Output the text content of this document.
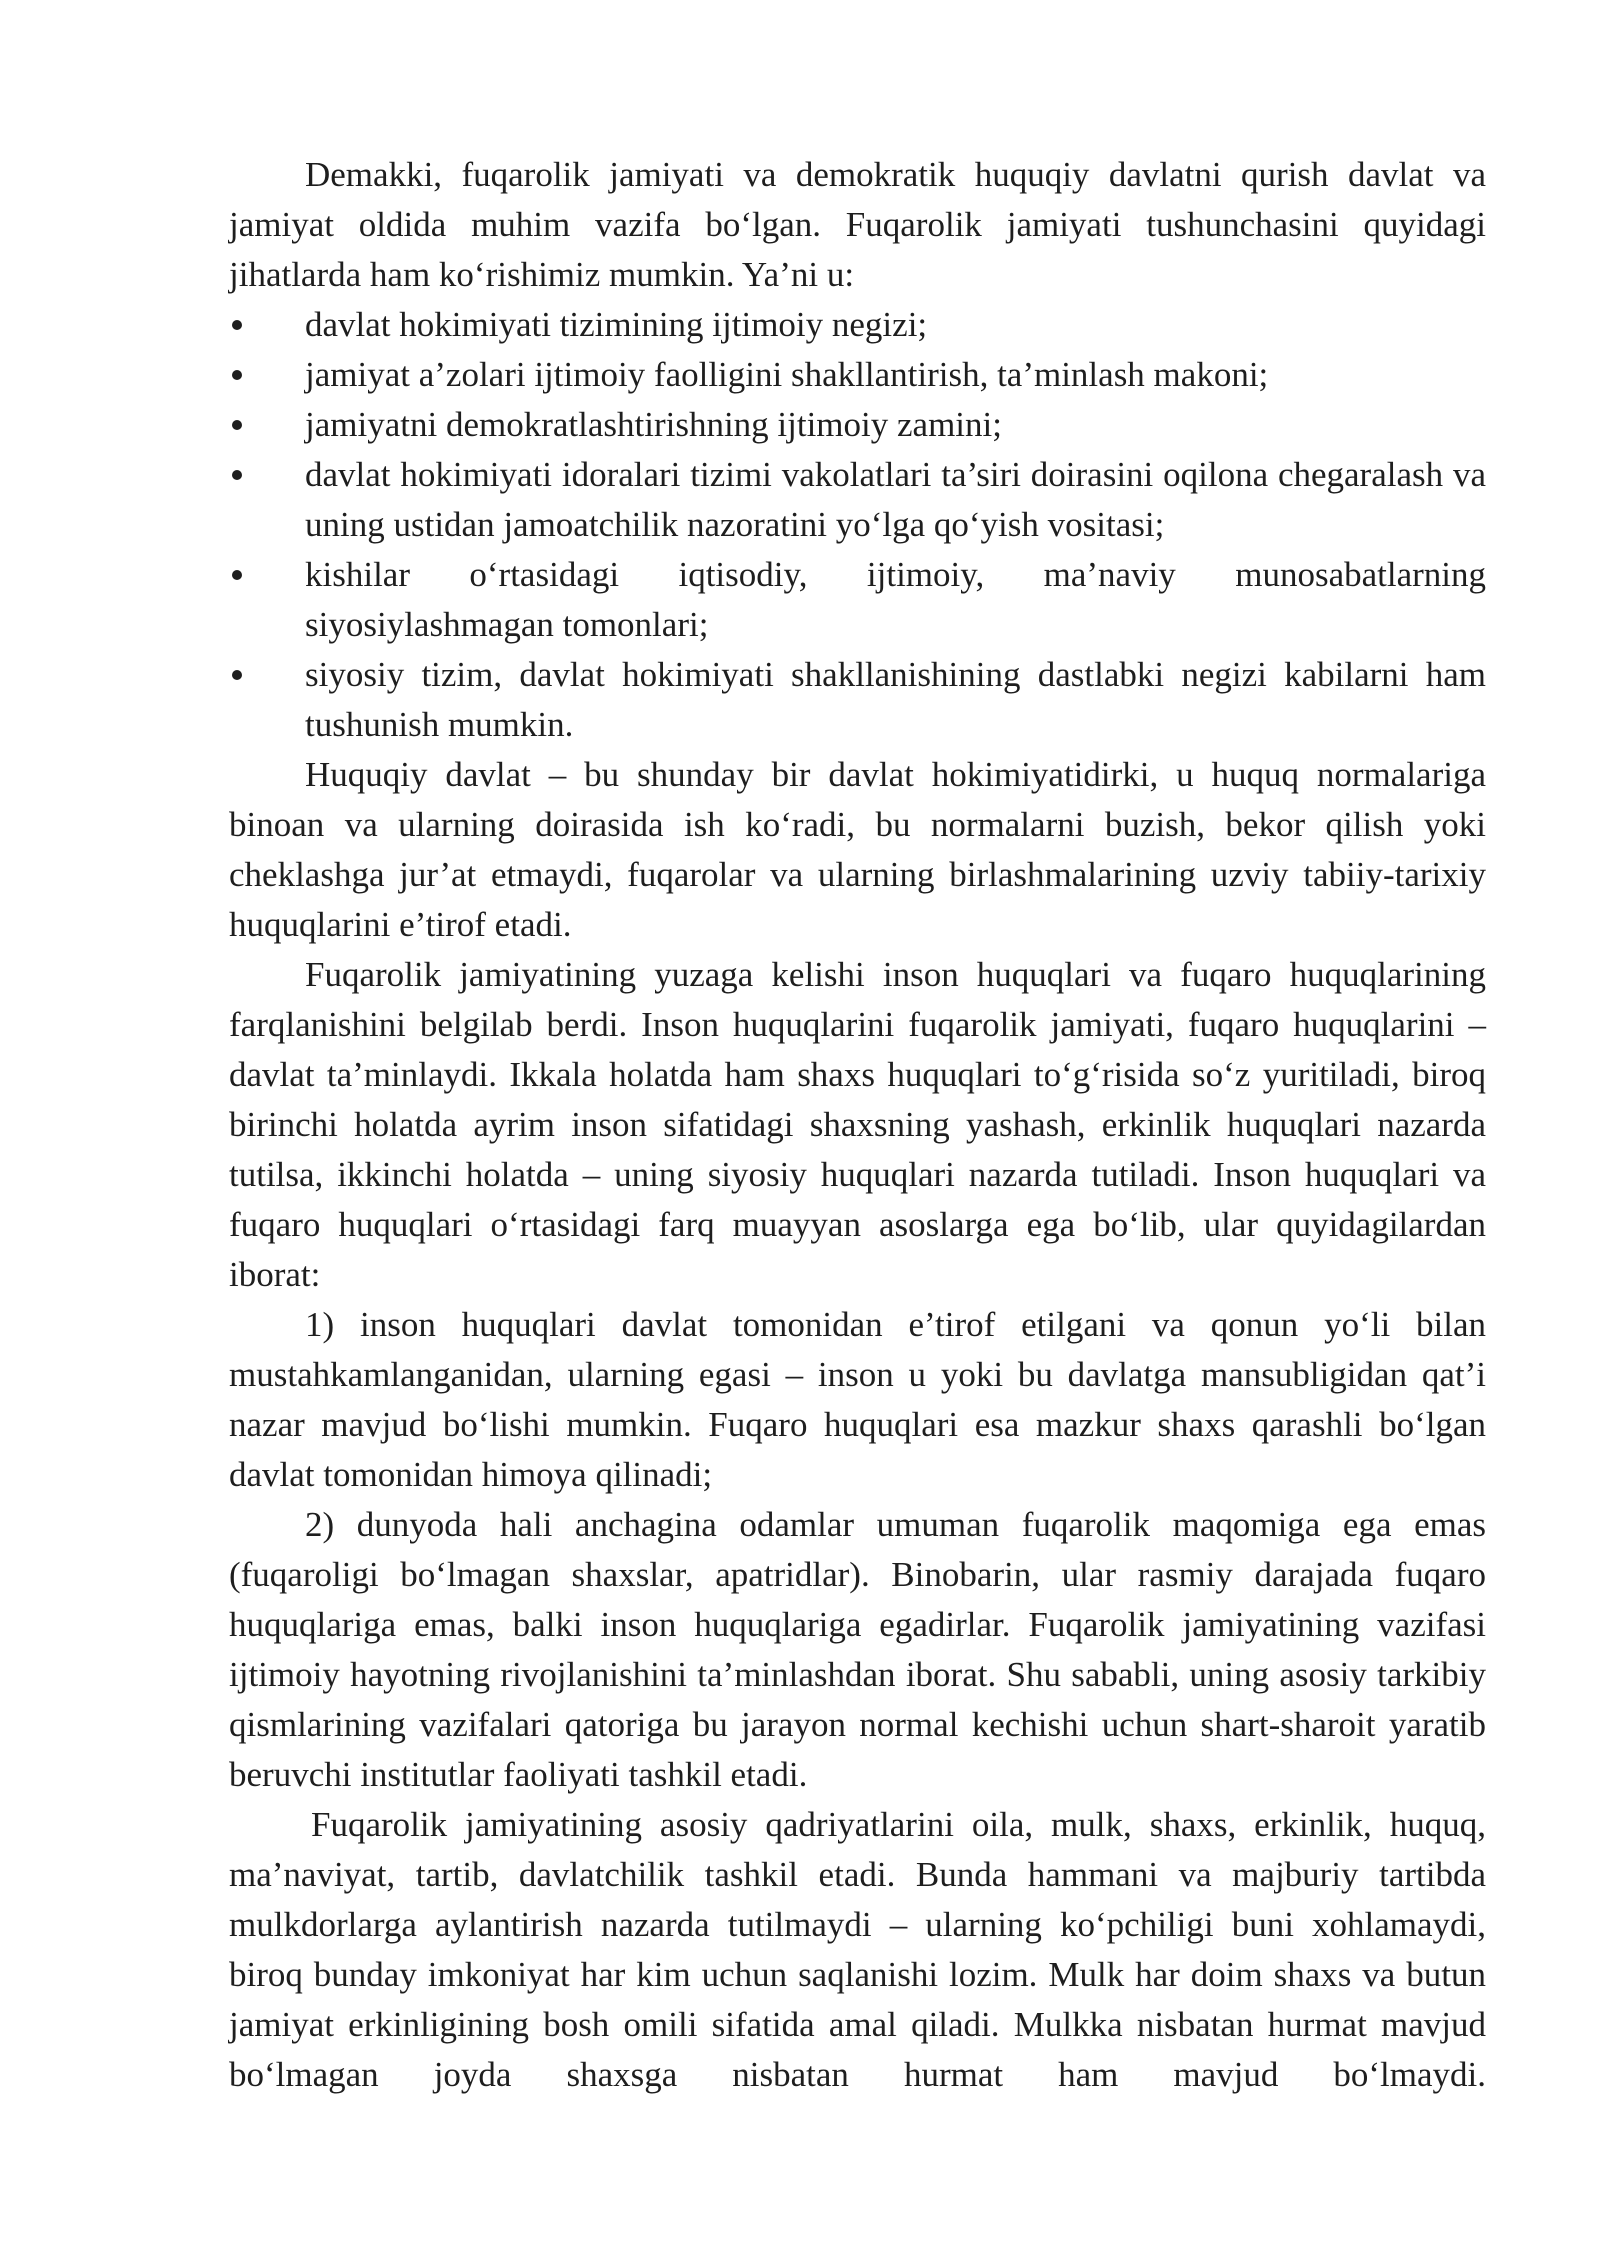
Demakki, fuqarolik jamiyati va demokratik huquqiy davlatni qurish davlat va jamiyat oldida muhim vazifa bo‘lgan. Fuqarolik jamiyati tushunchasini quyidagi jihatlarda ham ko‘rishimiz mumkin. Ya’ni u:

davlat hokimiyati tizimining ijtimoiy negizi;
jamiyat a’zolari ijtimoiy faolligini shakllantirish, ta’minlash makoni;
jamiyatni demokratlashtirishning ijtimoiy zamini;
davlat hokimiyati idoralari tizimi vakolatlari ta’siri doirasini oqilona chegaralash va uning ustidan jamoatchilik nazoratini yo‘lga qo‘yish vositasi;
kishilar o‘rtasidagi iqtisodiy, ijtimoiy, ma’naviy munosabatlarning siyosiylashmagan tomonlari;
siyosiy tizim, davlat hokimiyati shakllanishining dastlabki negizi kabilarni ham tushunish mumkin.

Huquqiy davlat – bu shunday bir davlat hokimiyatidirki, u huquq normalariga binoan va ularning doirasida ish ko‘radi, bu normalarni buzish, bekor qilish yoki cheklashga jur’at etmaydi, fuqarolar va ularning birlashmalarining uzviy tabiiy-tarixiy huquqlarini e’tirof etadi.

Fuqarolik jamiyatining yuzaga kelishi inson huquqlari va fuqaro huquqlarining farqlanishini belgilab berdi. Inson huquqlarini fuqarolik jamiyati, fuqaro huquqlarini – davlat ta’minlaydi. Ikkala holatda ham shaxs huquqlari to‘g‘risida so‘z yuritiladi, biroq birinchi holatda ayrim inson sifatidagi shaxsning yashash, erkinlik huquqlari nazarda tutilsa, ikkinchi holatda – uning siyosiy huquqlari nazarda tutiladi. Inson huquqlari va fuqaro huquqlari o‘rtasidagi farq muayyan asoslarga ega bo‘lib, ular quyidagilardan iborat:

1) inson huquqlari davlat tomonidan e’tirof etilgani va qonun yo‘li bilan mustahkamlanganidan, ularning egasi – inson u yoki bu davlatga mansubligidan qat’i nazar mavjud bo‘lishi mumkin. Fuqaro huquqlari esa mazkur shaxs qarashli bo‘lgan davlat tomonidan himoya qilinadi;

2) dunyoda hali anchagina odamlar umuman fuqarolik maqomiga ega emas (fuqaroligi bo‘lmagan shaxslar, apatridlar). Binobarin, ular rasmiy darajada fuqaro huquqlariga emas, balki inson huquqlariga egadirlar. Fuqarolik jamiyatining vazifasi ijtimoiy hayotning rivojlanishini ta’minlashdan iborat. Shu sababli, uning asosiy tarkibiy qismlarining vazifalari qatoriga bu jarayon normal kechishi uchun shart-sharoit yaratib beruvchi institutlar faoliyati tashkil etadi.

Fuqarolik jamiyatining asosiy qadriyatlarini oila, mulk, shaxs, erkinlik, huquq, ma’naviyat, tartib, davlatchilik tashkil etadi. Bunda hammani va majburiy tartibda mulkdorlarga aylantirish nazarda tutilmaydi – ularning ko‘pchiligi buni xohlamaydi, biroq bunday imkoniyat har kim uchun saqlanishi lozim. Mulk har doim shaxs va butun jamiyat erkinligining bosh omili sifatida amal qiladi. Mulkka nisbatan hurmat mavjud bo‘lmagan joyda shaxsga nisbatan hurmat ham mavjud bo‘lmaydi.
